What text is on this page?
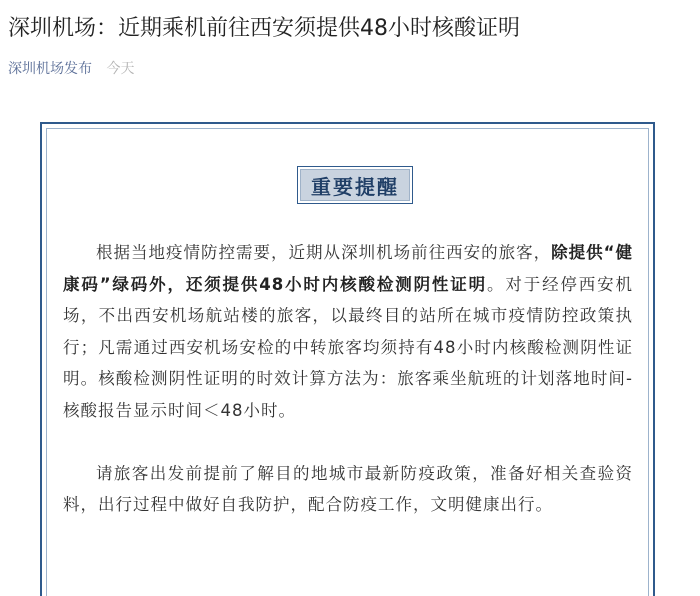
深圳机场：近期乘机前往西安须提供48小时核酸证明
深圳机场发布 今天
重要提醒

根据当地疫情防控需要，近期从深圳机场前往西安的旅客，除提供“健康码”绿码外，还须提供48小时内核酸检测阴性证明。对于经停西安机场，不出西安机场航站楼的旅客，以最终目的站所在城市疫情防控政策执行；凡需通过西安机场安检的中转旅客均须持有48小时内核酸检测阴性证明。核酸检测阴性证明的时效计算方法为：旅客乘坐航班的计划落地时间-核酸报告显示时间＜48小时。

请旅客出发前提前了解目的地城市最新防疫政策，准备好相关查验资料，出行过程中做好自我防护，配合防疫工作，文明健康出行。
